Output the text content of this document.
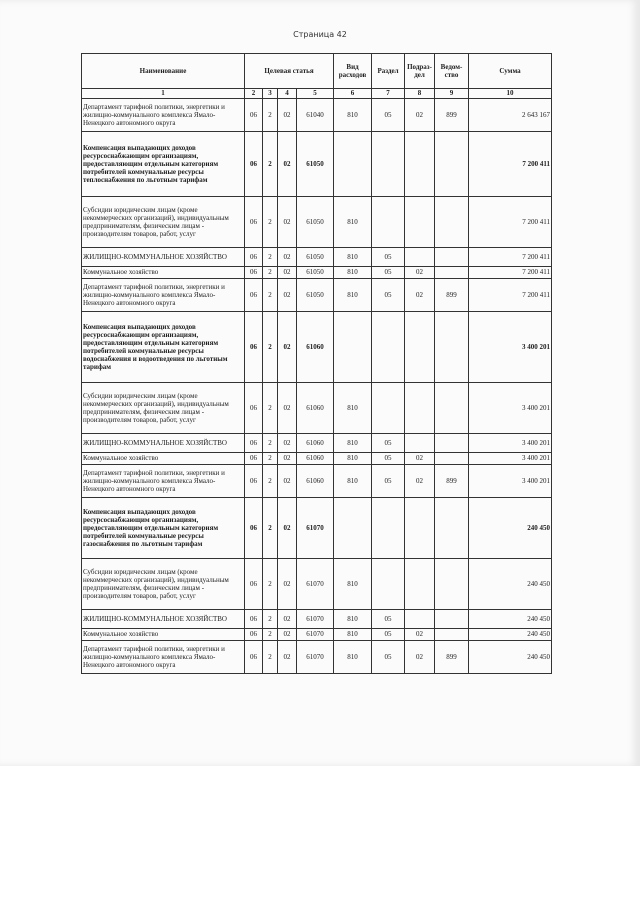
Страница 42
Наименование	Целевая статья				Вид расходов	Раздел	Подраз-дел	Ведом-ство	Сумма
1	2	3	4	5	6	7	8	9	10
Департамент тарифной политики, энергетики и жилищно-коммунального комплекса Ямало-Ненецкого автономного округа	06	2	02	61040	810	05	02	899	2 643 167
Компенсация выпадающих доходов ресурсоснабжающим организациям, предоставляющим отдельным категориям потребителей коммунальные ресурсы теплоснабжения по льготным тарифам	06	2	02	61050					7 200 411
Субсидии юридическим лицам (кроме некоммерческих организаций), индивидуальным предпринимателям, физическим лицам - производителям товаров, работ, услуг	06	2	02	61050	810				7 200 411
ЖИЛИЩНО-КОММУНАЛЬНОЕ ХОЗЯЙСТВО	06	2	02	61050	810	05			7 200 411
Коммунальное хозяйство	06	2	02	61050	810	05	02		7 200 411
Департамент тарифной политики, энергетики и жилищно-коммунального комплекса Ямало-Ненецкого автономного округа	06	2	02	61050	810	05	02	899	7 200 411
Компенсация выпадающих доходов ресурсоснабжающим организациям, предоставляющим отдельным категориям потребителей коммунальные ресурсы водоснабжения и водоотведения по льготным тарифам	06	2	02	61060					3 400 201
Субсидии юридическим лицам (кроме некоммерческих организаций), индивидуальным предпринимателям, физическим лицам - производителям товаров, работ, услуг	06	2	02	61060	810				3 400 201
ЖИЛИЩНО-КОММУНАЛЬНОЕ ХОЗЯЙСТВО	06	2	02	61060	810	05			3 400 201
Коммунальное хозяйство	06	2	02	61060	810	05	02		3 400 201
Департамент тарифной политики, энергетики и жилищно-коммунального комплекса Ямало-Ненецкого автономного округа	06	2	02	61060	810	05	02	899	3 400 201
Компенсация выпадающих доходов ресурсоснабжающим организациям, предоставляющим отдельным категориям потребителей коммунальные ресурсы газоснабжения по льготным тарифам	06	2	02	61070					240 450
Субсидии юридическим лицам (кроме некоммерческих организаций), индивидуальным предпринимателям, физическим лицам - производителям товаров, работ, услуг	06	2	02	61070	810				240 450
ЖИЛИЩНО-КОММУНАЛЬНОЕ ХОЗЯЙСТВО	06	2	02	61070	810	05			240 450
Коммунальное хозяйство	06	2	02	61070	810	05	02		240 450
Департамент тарифной политики, энергетики и жилищно-коммунального комплекса Ямало-Ненецкого автономного округа	06	2	02	61070	810	05	02	899	240 450
